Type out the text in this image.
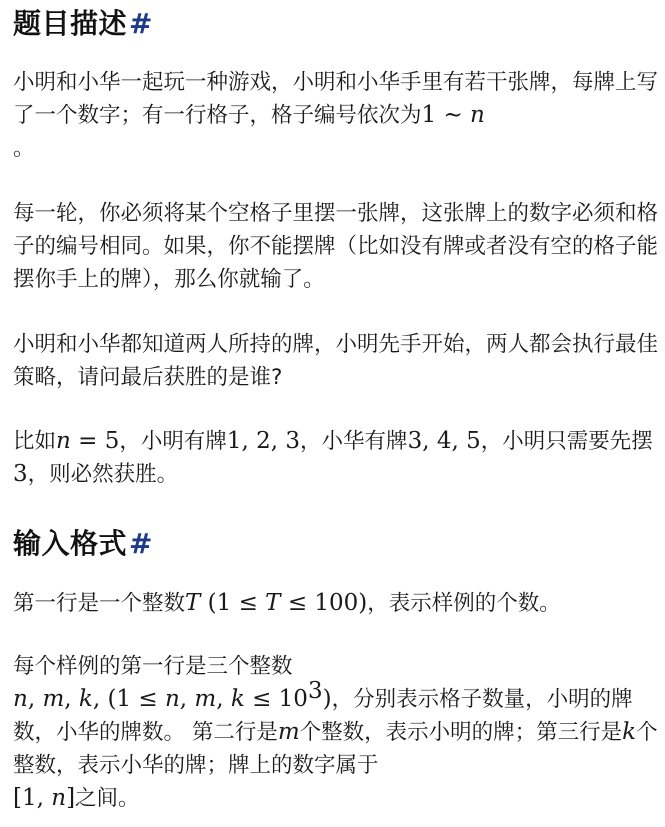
题目描述#

小明和小华一起玩一种游戏，小明和小华手里有若干张牌，每牌上写了一个数字；有一行格子，格子编号依次为1 ∼ n
。

每一轮，你必须将某个空格子里摆一张牌，这张牌上的数字必须和格子的编号相同。如果，你不能摆牌（比如没有牌或者没有空的格子能摆你手上的牌），那么你就输了。

小明和小华都知道两人所持的牌，小明先手开始，两人都会执行最佳策略，请问最后获胜的是谁?

比如n = 5，小明有牌1, 2, 3，小华有牌3, 4, 5，小明只需要先摆3，则必然获胜。

输入格式#

第一行是一个整数T (1 ≤ T ≤ 100)，表示样例的个数。

每个样例的第一行是三个整数
n, m, k, (1 ≤ n, m, $k \le 10^3$)，分别表示格子数量，小明的牌数，小华的牌数。 第二行是m个整数，表示小明的牌；第三行是k个整数，表示小华的牌；牌上的数字属于
[1, n]之间。
